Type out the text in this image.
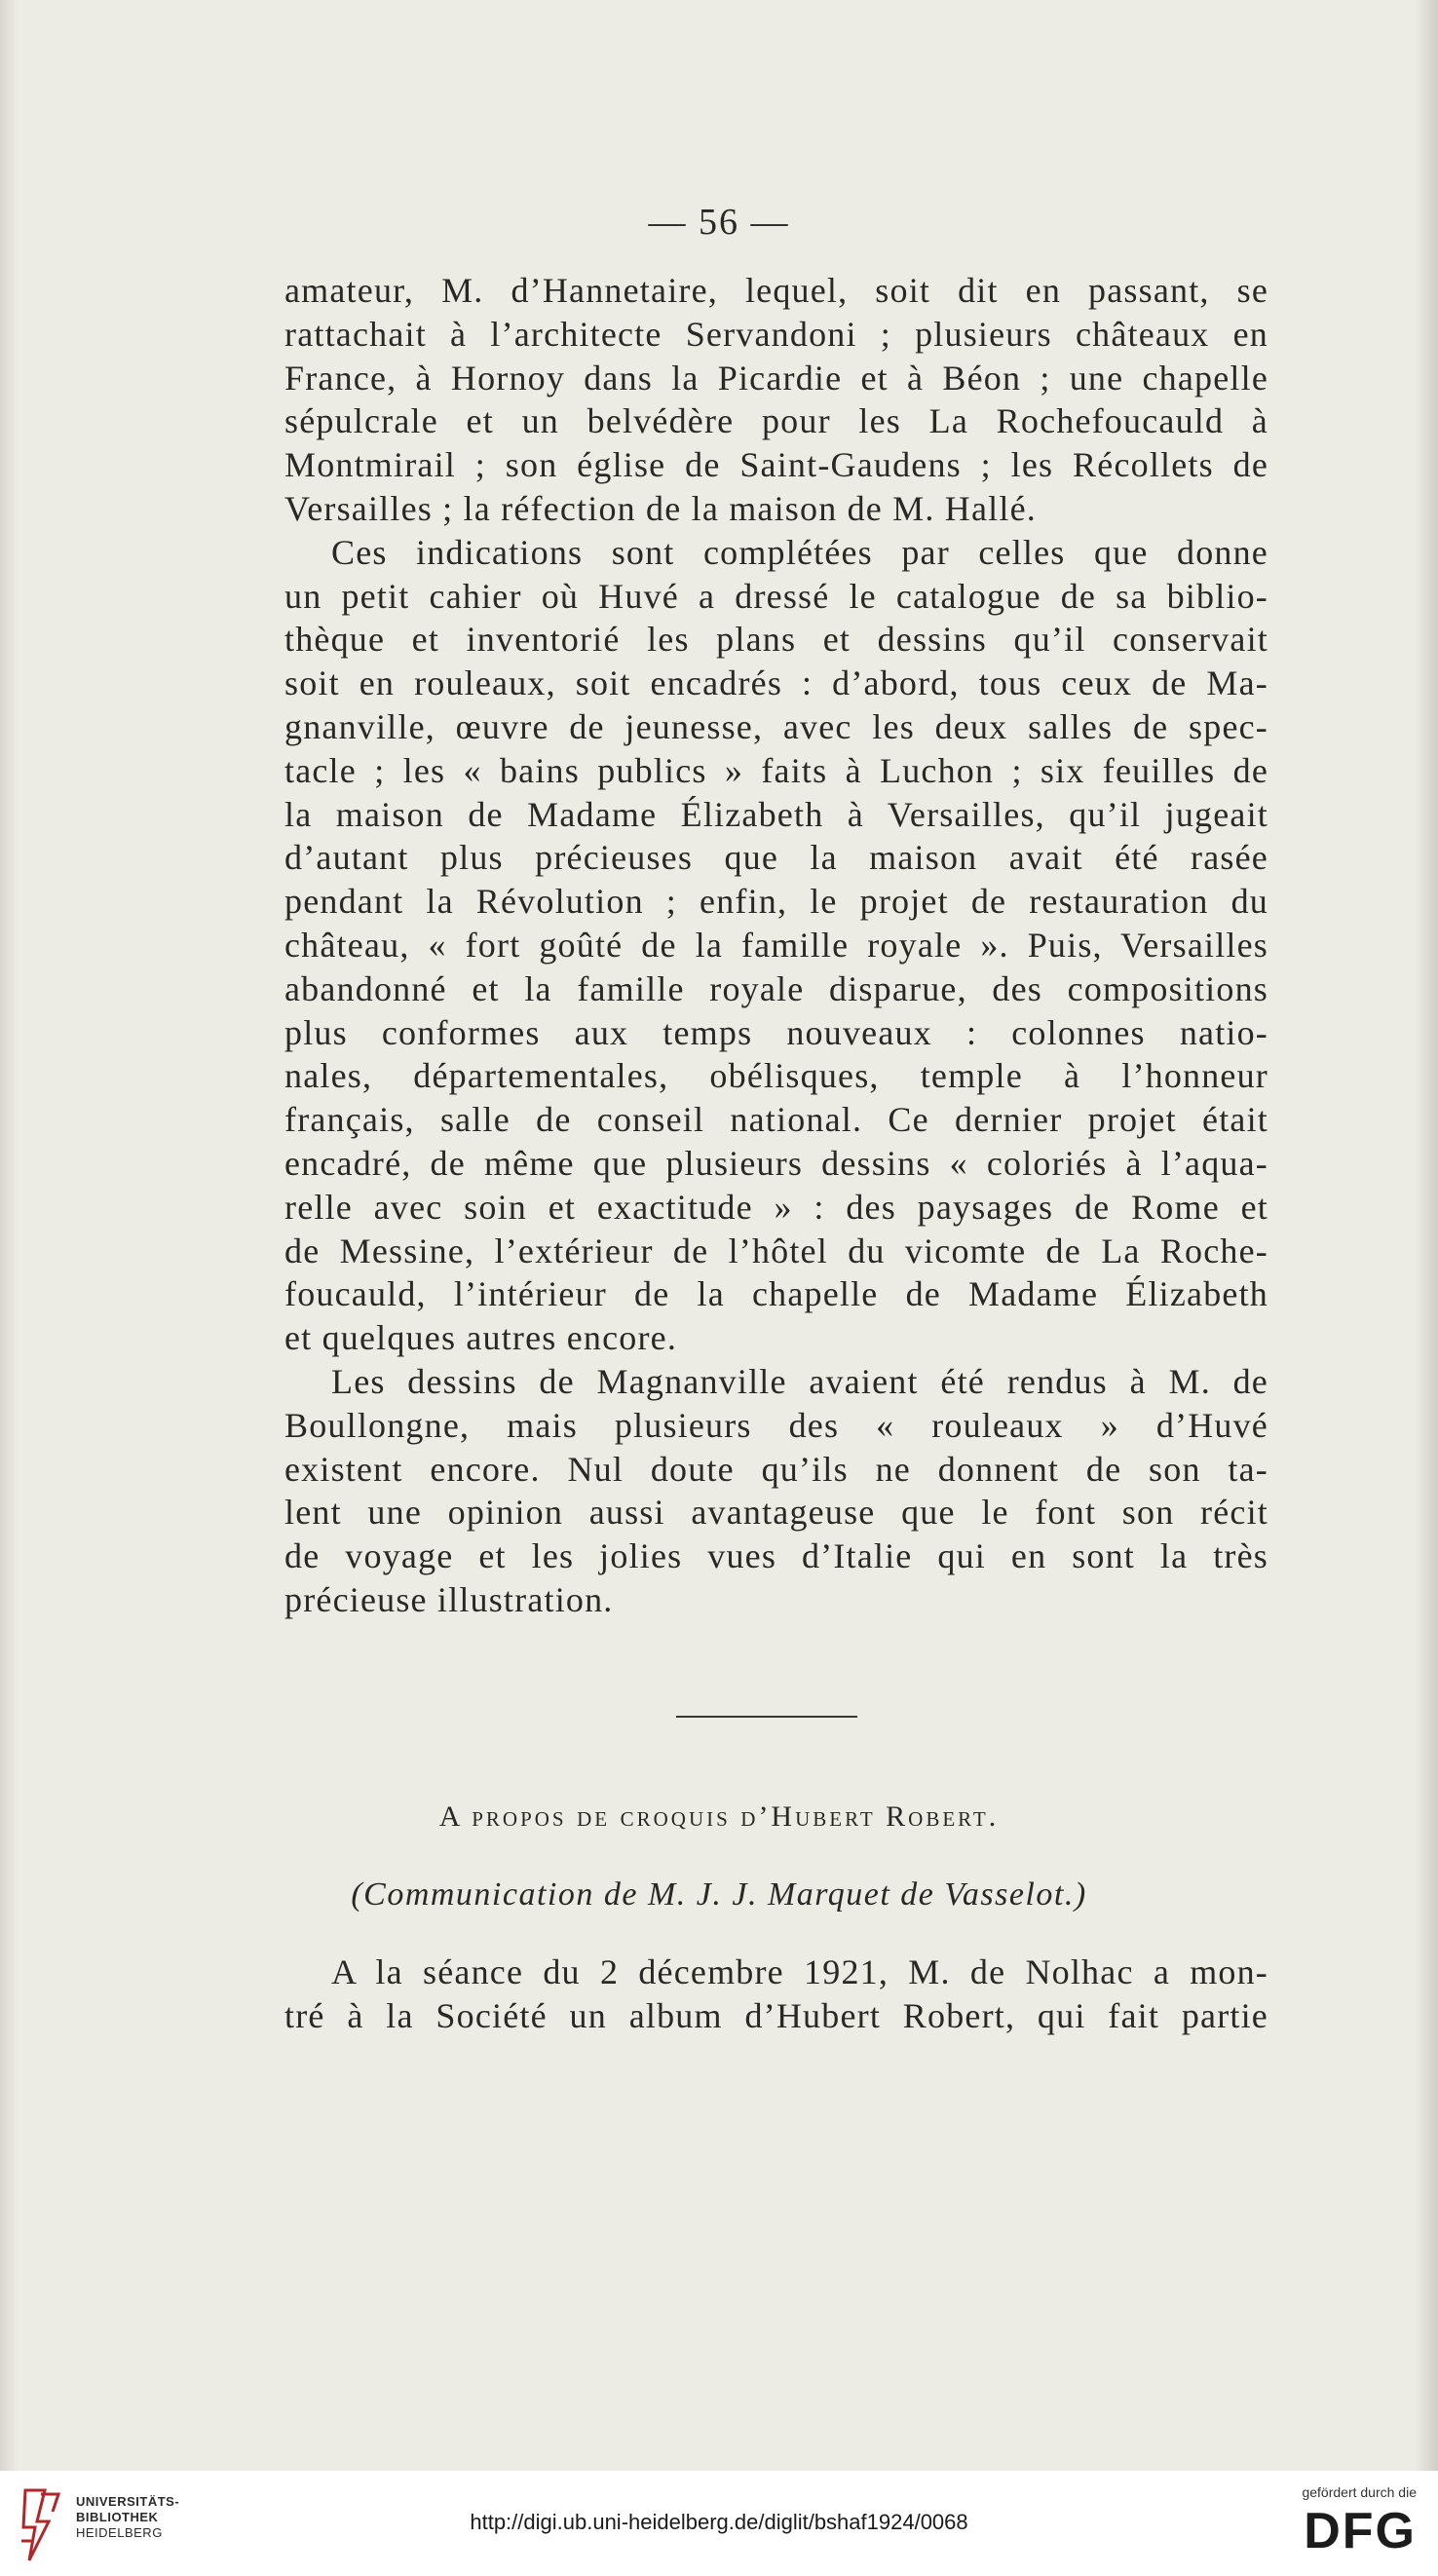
— 56 —
amateur, M. d’Hannetaire, lequel, soit dit en passant, se
rattachait à l’architecte Servandoni ; plusieurs châteaux en
France, à Hornoy dans la Picardie et à Béon ; une chapelle
sépulcrale et un belvédère pour les La Rochefoucauld à
Montmirail ; son église de Saint-Gaudens ; les Récollets de
Versailles ; la réfection de la maison de M. Hallé.
Ces indications sont complétées par celles que donne
un petit cahier où Huvé a dressé le catalogue de sa biblio-
thèque et inventorié les plans et dessins qu’il conservait
soit en rouleaux, soit encadrés : d’abord, tous ceux de Ma-
gnanville, œuvre de jeunesse, avec les deux salles de spec-
tacle ; les « bains publics » faits à Luchon ; six feuilles de
la maison de Madame Élizabeth à Versailles, qu’il jugeait
d’autant plus précieuses que la maison avait été rasée
pendant la Révolution ; enfin, le projet de restauration du
château, « fort goûté de la famille royale ». Puis, Versailles
abandonné et la famille royale disparue, des compositions
plus conformes aux temps nouveaux : colonnes natio-
nales, départementales, obélisques, temple à l’honneur
français, salle de conseil national. Ce dernier projet était
encadré, de même que plusieurs dessins « coloriés à l’aqua-
relle avec soin et exactitude » : des paysages de Rome et
de Messine, l’extérieur de l’hôtel du vicomte de La Roche-
foucauld, l’intérieur de la chapelle de Madame Élizabeth
et quelques autres encore.
Les dessins de Magnanville avaient été rendus à M. de
Boullongne, mais plusieurs des « rouleaux » d’Huvé
existent encore. Nul doute qu’ils ne donnent de son ta-
lent une opinion aussi avantageuse que le font son récit
de voyage et les jolies vues d’Italie qui en sont la très
précieuse illustration.
A propos de croquis d’Hubert Robert.
(Communication de M. J. J. Marquet de Vasselot.)
A la séance du 2 décembre 1921, M. de Nolhac a mon-
tré à la Société un album d’Hubert Robert, qui fait partie
UNIVERSITÄTS-
BIBLIOTHEK
HEIDELBERG	http://digi.ub.uni-heidelberg.de/diglit/bshaf1924/0068
gefördert durch die
DFG
